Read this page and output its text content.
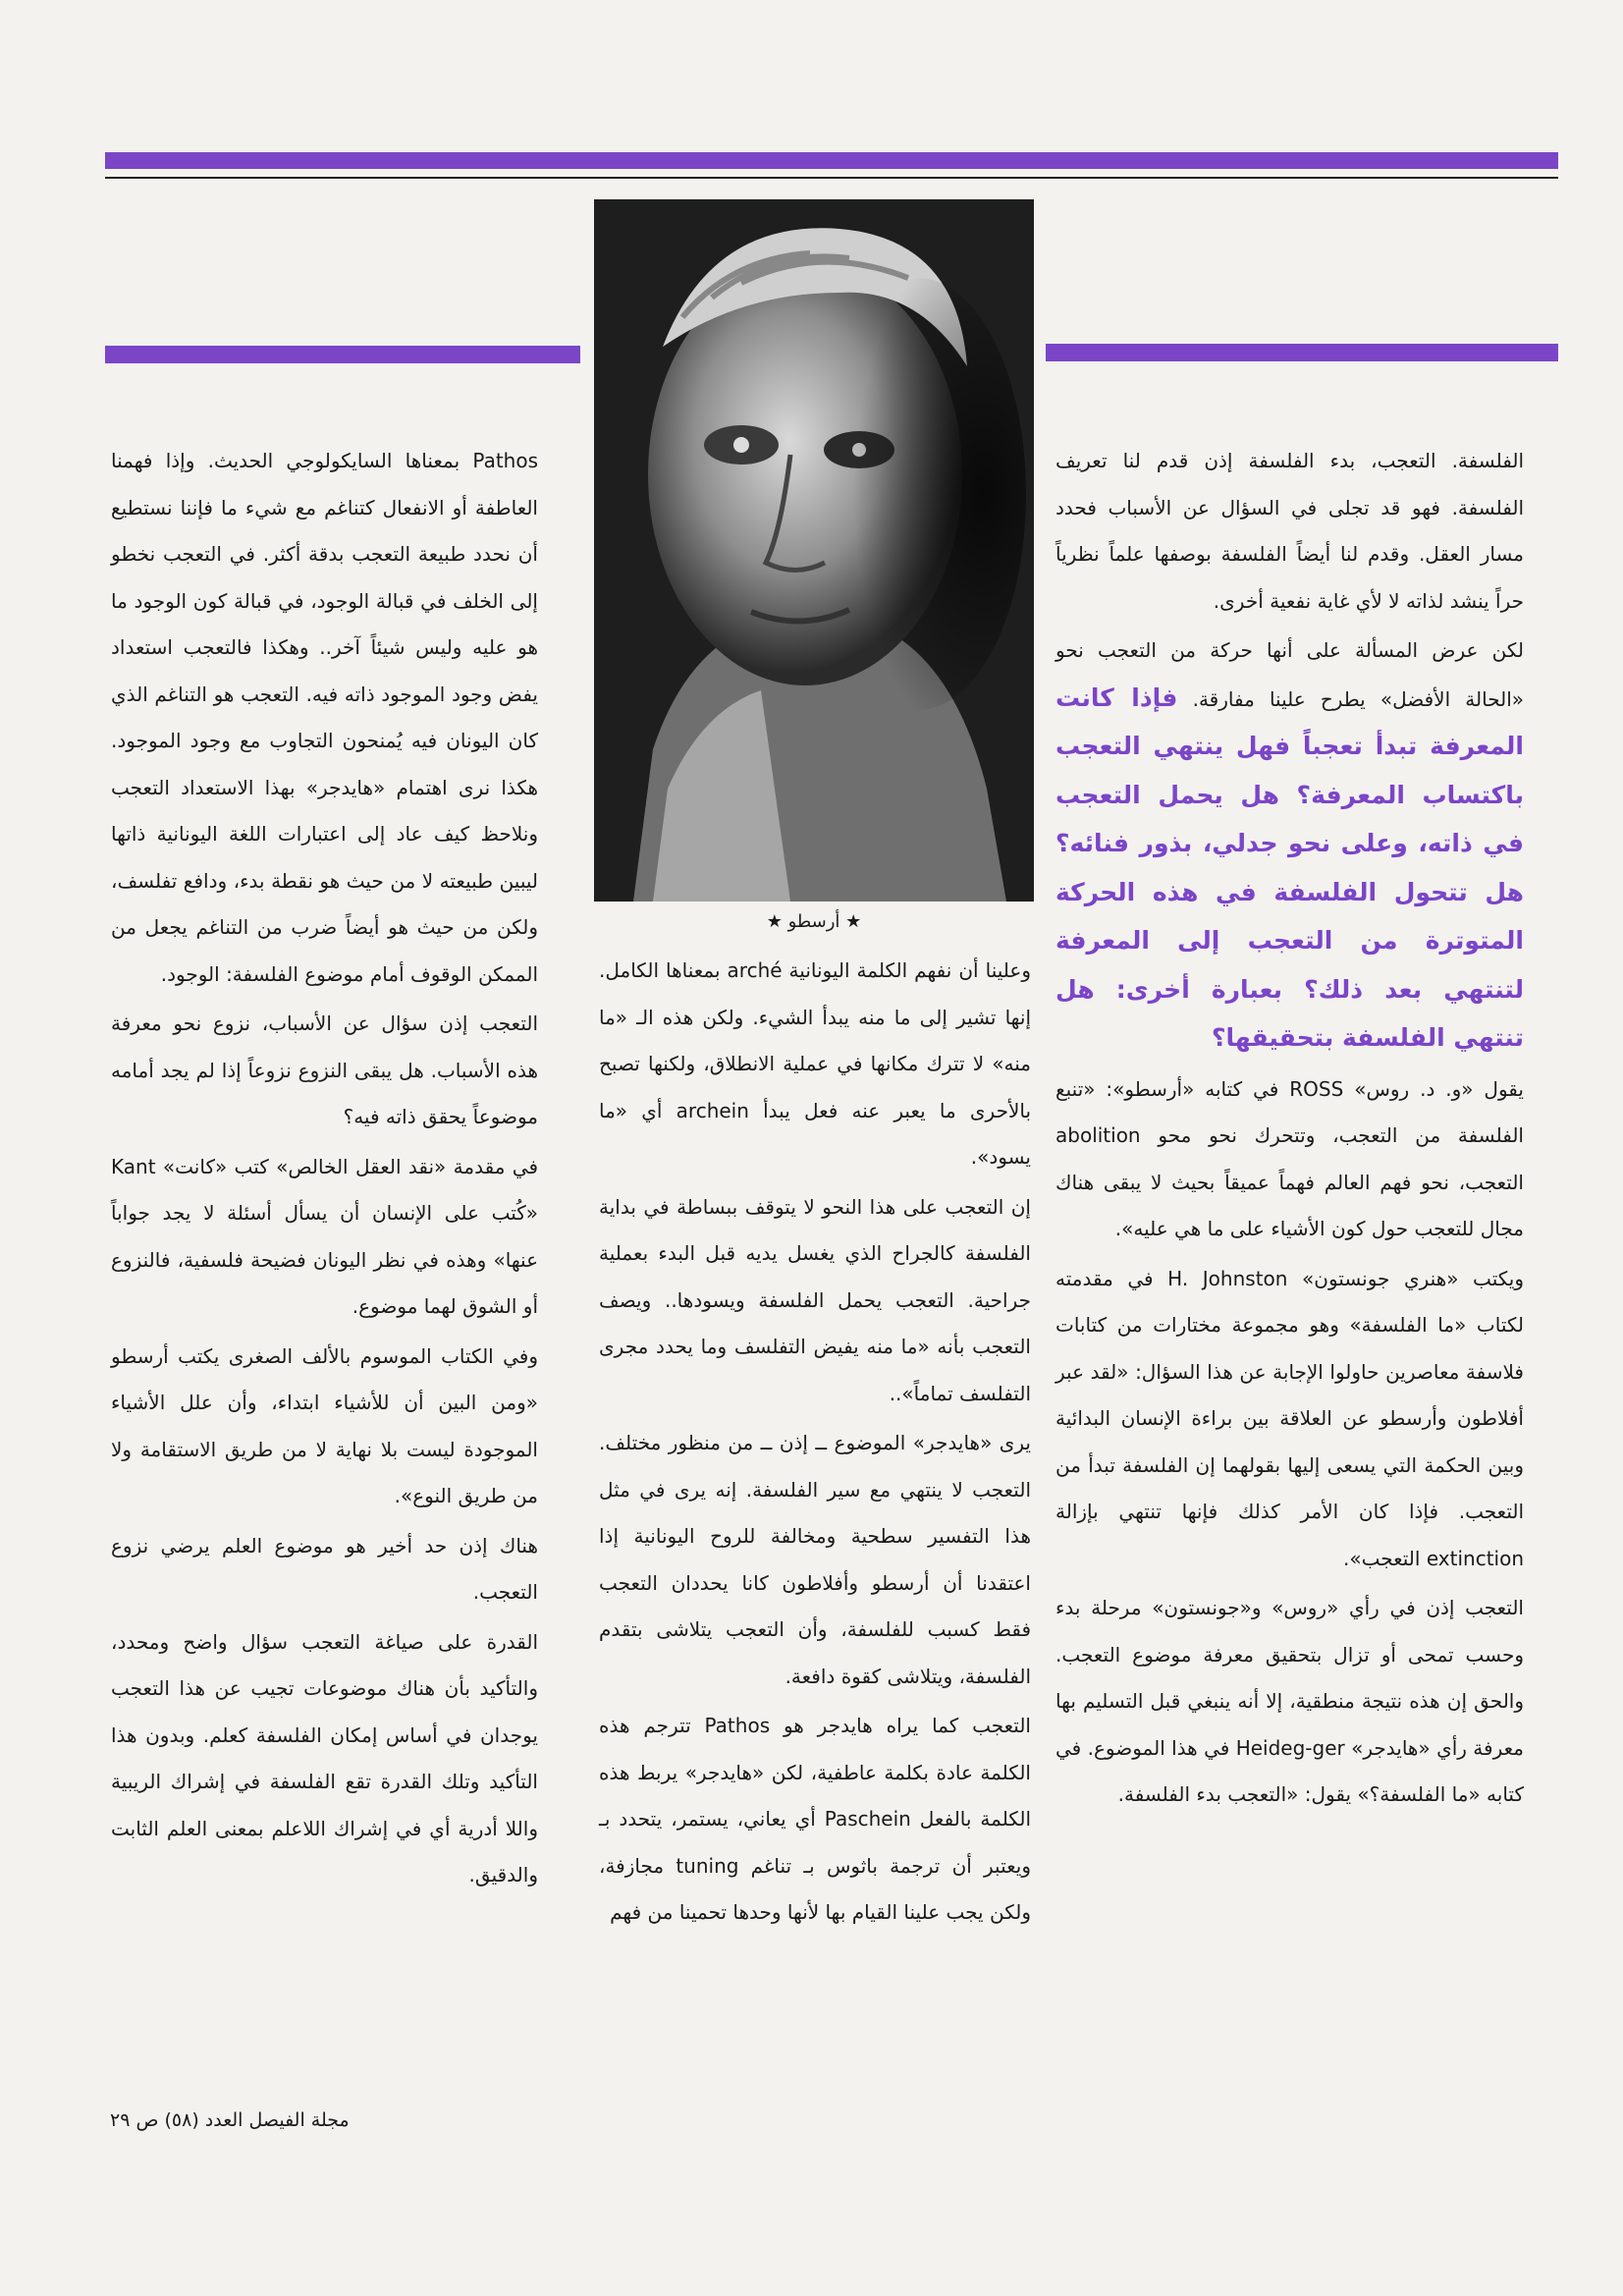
★ أرسطو ★

الفلسفة. التعجب، بدء الفلسفة إذن قدم لنا تعريف الفلسفة. فهو قد تجلى في السؤال عن الأسباب فحدد مسار العقل. وقدم لنا أيضاً الفلسفة بوصفها علماً نظرياً حراً ينشد لذاته لا لأي غاية نفعية أخرى.

لكن عرض المسألة على أنها حركة من التعجب نحو «الحالة الأفضل» يطرح علينا مفارقة. فإذا كانت المعرفة تبدأ تعجباً فهل ينتهي التعجب باكتساب المعرفة؟ هل يحمل التعجب في ذاته، وعلى نحو جدلي، بذور فنائه؟ هل تتحول الفلسفة في هذه الحركة المتوترة من التعجب إلى المعرفة لتنتهي بعد ذلك؟ بعبارة أخرى: هل تنتهي الفلسفة بتحقيقها؟

يقول «و. د. روس» ROSS في كتابه «أرسطو»: «تنبع الفلسفة من التعجب، وتتحرك نحو محو abolition التعجب، نحو فهم العالم فهماً عميقاً بحيث لا يبقى هناك مجال للتعجب حول كون الأشياء على ما هي عليه».

ويكتب «هنري جونستون» H. Johnston في مقدمته لكتاب «ما الفلسفة» وهو مجموعة مختارات من كتابات فلاسفة معاصرين حاولوا الإجابة عن هذا السؤال: «لقد عبر أفلاطون وأرسطو عن العلاقة بين براءة الإنسان البدائية وبين الحكمة التي يسعى إليها بقولهما إن الفلسفة تبدأ من التعجب. فإذا كان الأمر كذلك فإنها تنتهي بإزالة extinction التعجب».

التعجب إذن في رأي «روس» و«جونستون» مرحلة بدء وحسب تمحى أو تزال بتحقيق معرفة موضوع التعجب. والحق إن هذه نتيجة منطقية، إلا أنه ينبغي قبل التسليم بها معرفة رأي «هايدجر» Heideg-ger في هذا الموضوع. في كتابه «ما الفلسفة؟» يقول: «التعجب بدء الفلسفة.

وعلينا أن نفهم الكلمة اليونانية arché بمعناها الكامل. إنها تشير إلى ما منه يبدأ الشيء. ولكن هذه الـ «ما منه» لا تترك مكانها في عملية الانطلاق، ولكنها تصبح بالأحرى ما يعبر عنه فعل يبدأ archein أي «ما يسود».

إن التعجب على هذا النحو لا يتوقف ببساطة في بداية الفلسفة كالجراح الذي يغسل يديه قبل البدء بعملية جراحية. التعجب يحمل الفلسفة ويسودها.. ويصف التعجب بأنه «ما منه يفيض التفلسف وما يحدد مجرى التفلسف تماماً»..

يرى «هايدجر» الموضوع ــ إذن ــ من منظور مختلف. التعجب لا ينتهي مع سير الفلسفة. إنه يرى في مثل هذا التفسير سطحية ومخالفة للروح اليونانية إذا اعتقدنا أن أرسطو وأفلاطون كانا يحددان التعجب فقط كسبب للفلسفة، وأن التعجب يتلاشى بتقدم الفلسفة، ويتلاشى كقوة دافعة.

التعجب كما يراه هايدجر هو Pathos تترجم هذه الكلمة عادة بكلمة عاطفية، لكن «هايدجر» يربط هذه الكلمة بالفعل Paschein أي يعاني، يستمر، يتحدد بـ ويعتبر أن ترجمة باثوس بـ تناغم tuning مجازفة، ولكن يجب علينا القيام بها لأنها وحدها تحمينا من فهم

Pathos بمعناها السايكولوجي الحديث. وإذا فهمنا العاطفة أو الانفعال كتناغم مع شيء ما فإننا نستطيع أن نحدد طبيعة التعجب بدقة أكثر. في التعجب نخطو إلى الخلف في قبالة الوجود، في قبالة كون الوجود ما هو عليه وليس شيئاً آخر.. وهكذا فالتعجب استعداد يفض وجود الموجود ذاته فيه. التعجب هو التناغم الذي كان اليونان فيه يُمنحون التجاوب مع وجود الموجود. هكذا نرى اهتمام «هايدجر» بهذا الاستعداد التعجب ونلاحظ كيف عاد إلى اعتبارات اللغة اليونانية ذاتها ليبين طبيعته لا من حيث هو نقطة بدء، ودافع تفلسف، ولكن من حيث هو أيضاً ضرب من التناغم يجعل من الممكن الوقوف أمام موضوع الفلسفة: الوجود.

التعجب إذن سؤال عن الأسباب، نزوع نحو معرفة هذه الأسباب. هل يبقى النزوع نزوعاً إذا لم يجد أمامه موضوعاً يحقق ذاته فيه؟

في مقدمة «نقد العقل الخالص» كتب «كانت» Kant «كُتب على الإنسان أن يسأل أسئلة لا يجد جواباً عنها» وهذه في نظر اليونان فضيحة فلسفية، فالنزوع أو الشوق لهما موضوع.

وفي الكتاب الموسوم بالألف الصغرى يكتب أرسطو «ومن البين أن للأشياء ابتداء، وأن علل الأشياء الموجودة ليست بلا نهاية لا من طريق الاستقامة ولا من طريق النوع».

هناك إذن حد أخير هو موضوع العلم يرضي نزوع التعجب.

القدرة على صياغة التعجب سؤال واضح ومحدد، والتأكيد بأن هناك موضوعات تجيب عن هذا التعجب يوجدان في أساس إمكان الفلسفة كعلم. وبدون هذا التأكيد وتلك القدرة تقع الفلسفة في إشراك الريبية واللا أدرية أي في إشراك اللاعلم بمعنى العلم الثابت والدقيق.

مجلة الفيصل العدد (٥٨) ص ٢٩
